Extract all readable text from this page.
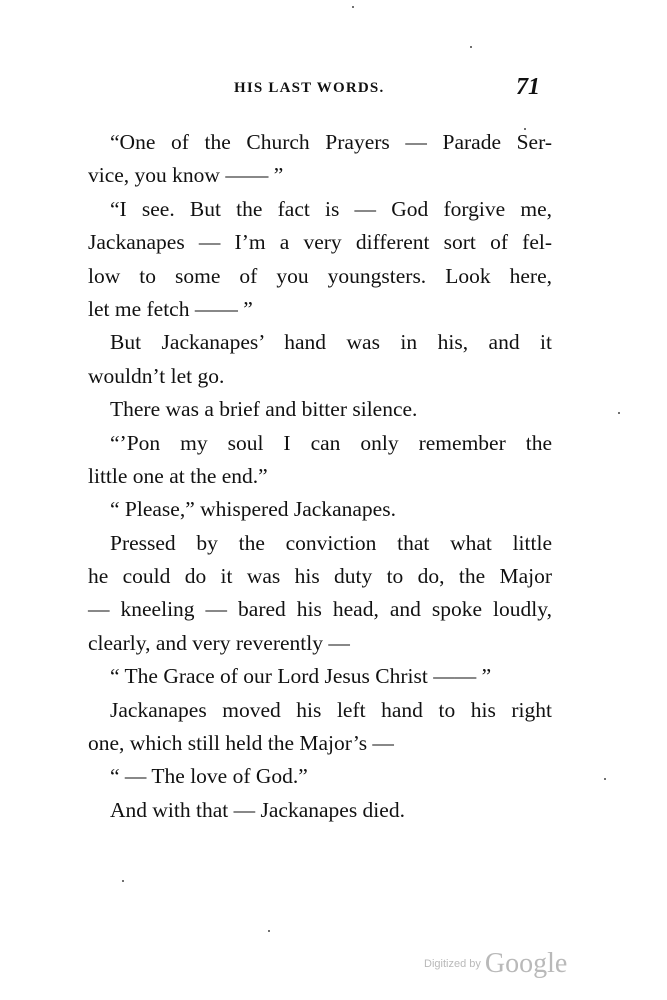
HIS LAST WORDS.	71
“One of the Church Prayers — Parade Ser-
vice, you know —— ”
“I see. But the fact is — God forgive me,
Jackanapes — I’m a very different sort of fel-
low to some of you youngsters. Look here,
let me fetch —— ”
But Jackanapes’ hand was in his, and it
wouldn’t let go.
There was a brief and bitter silence.
“’Pon my soul I can only remember the
little one at the end.”
“ Please,” whispered Jackanapes.
Pressed by the conviction that what little
he could do it was his duty to do, the Major
— kneeling — bared his head, and spoke loudly,
clearly, and very reverently —
“ The Grace of our Lord Jesus Christ —— ”
Jackanapes moved his left hand to his right
one, which still held the Major’s —
“ — The love of God.”
And with that — Jackanapes died.
Digitized by Google
